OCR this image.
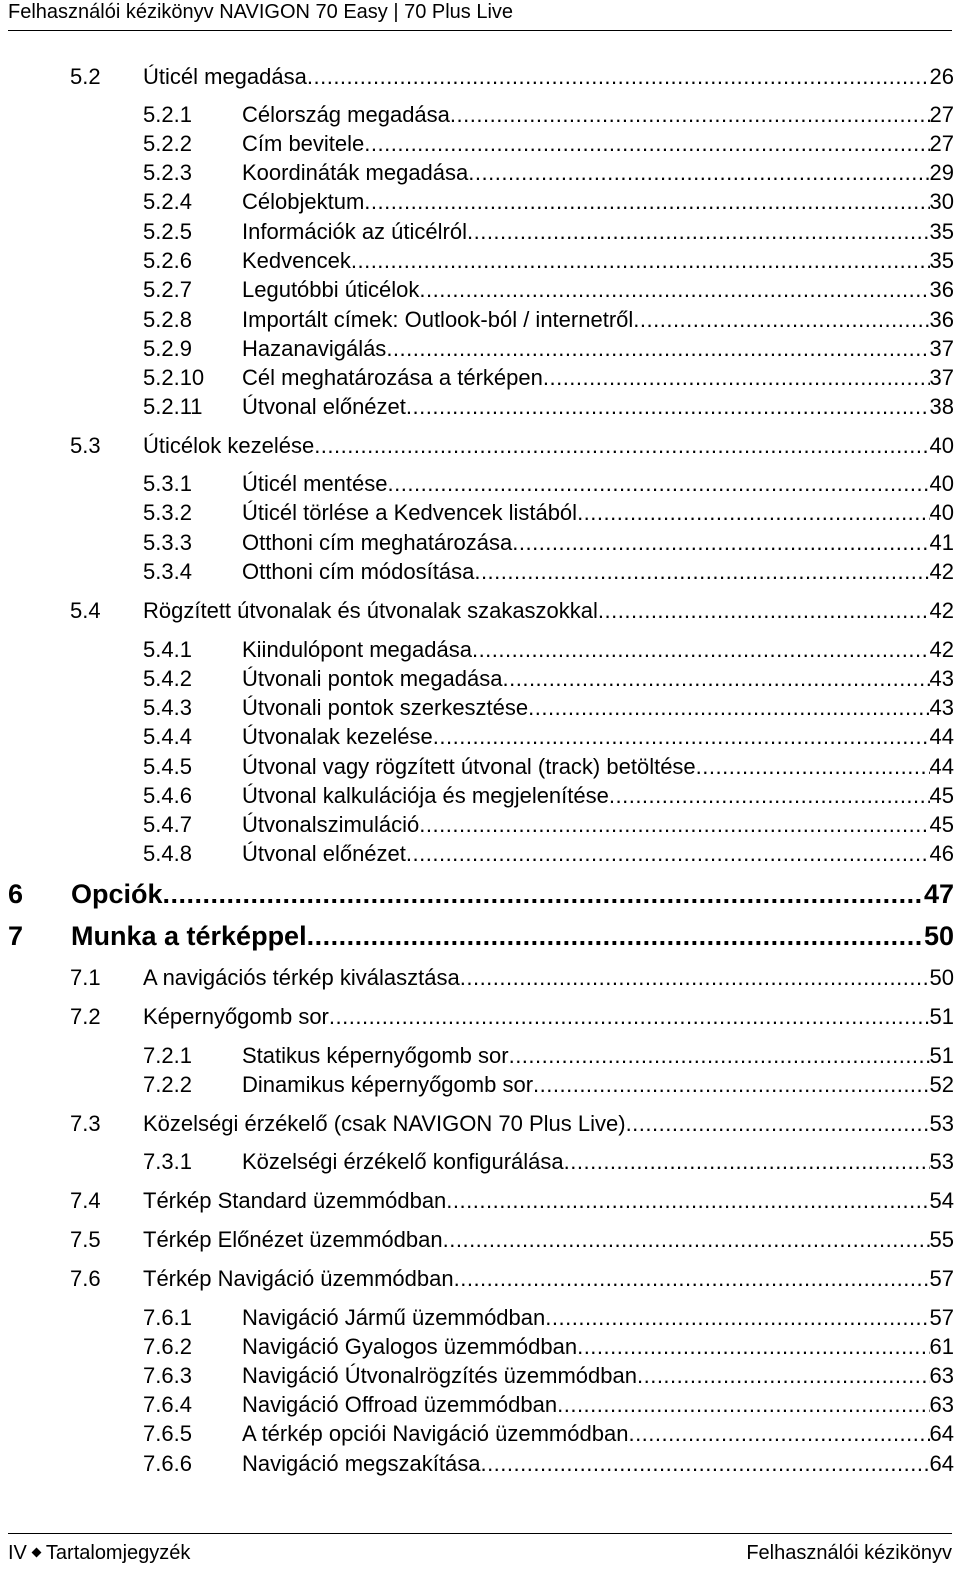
Felhasználói kézikönyv NAVIGON 70 Easy | 70 Plus Live
5.2 Úticél megadása .....	26
5.2.1 Célország megadása .....	27
5.2.2 Cím bevitele .....	27
5.2.3 Koordináták megadása .....	29
5.2.4 Célobjektum .....	30
5.2.5 Információk az úticélról .....	35
5.2.6 Kedvencek .....	35
5.2.7 Legutóbbi úticélok .....	36
5.2.8 Importált címek: Outlook-ból / internetről .....	36
5.2.9 Hazanavigálás .....	37
5.2.10 Cél meghatározása a térképen .....	37
5.2.11 Útvonal előnézet .....	38
5.3 Úticélok kezelése .....	40
5.3.1 Úticél mentése .....	40
5.3.2 Úticél törlése a Kedvencek listából .....	40
5.3.3 Otthoni cím meghatározása .....	41
5.3.4 Otthoni cím módosítása .....	42
5.4 Rögzített útvonalak és útvonalak szakaszokkal .....	42
5.4.1 Kiindulópont megadása .....	42
5.4.2 Útvonali pontok megadása .....	43
5.4.3 Útvonali pontok szerkesztése .....	43
5.4.4 Útvonalak kezelése .....	44
5.4.5 Útvonal vagy rögzített útvonal (track) betöltése .....	44
5.4.6 Útvonal kalkulációja és megjelenítése .....	45
5.4.7 Útvonalszimuláció .....	45
5.4.8 Útvonal előnézet .....	46
6 Opciók .....	47
7 Munka a térképpel .....	50
7.1 A navigációs térkép kiválasztása .....	50
7.2 Képernyőgomb sor .....	51
7.2.1 Statikus képernyőgomb sor .....	51
7.2.2 Dinamikus képernyőgomb sor .....	52
7.3 Közelségi érzékelő (csak NAVIGON 70 Plus Live) .....	53
7.3.1 Közelségi érzékelő konfigurálása .....	53
7.4 Térkép Standard üzemmódban .....	54
7.5 Térkép Előnézet üzemmódban .....	55
7.6 Térkép Navigáció üzemmódban .....	57
7.6.1 Navigáció Jármű üzemmódban .....	57
7.6.2 Navigáció Gyalogos üzemmódban .....	61
7.6.3 Navigáció Útvonalrögzítés üzemmódban .....	63
7.6.4 Navigáció Offroad üzemmódban .....	63
7.6.5 A térkép opciói Navigáció üzemmódban .....	64
7.6.6 Navigáció megszakítása .....	64
IV Tartalomjegyzék	Felhasználói kézikönyv
